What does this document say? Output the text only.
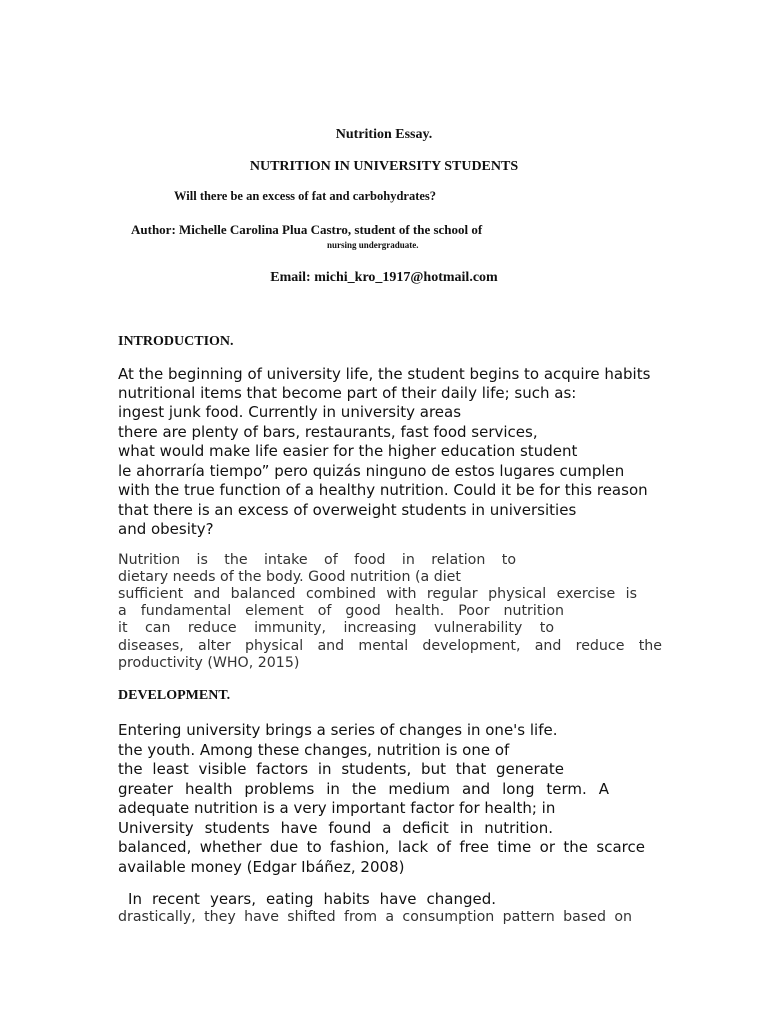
Nutrition Essay.
NUTRITION IN UNIVERSITY STUDENTS
Will there be an excess of fat and carbohydrates?
Author: Michelle Carolina Plua Castro, student of the school of
nursing undergraduate.
Email: michi_kro_1917@hotmail.com
INTRODUCTION.
At the beginning of university life, the student begins to acquire habits
nutritional items that become part of their daily life; such as:
ingest junk food. Currently in university areas
there are plenty of bars, restaurants, fast food services,
what would make life easier for the higher education student
le ahorraría tiempo” pero quizás ninguno de estos lugares cumplen
with the true function of a healthy nutrition. Could it be for this reason
that there is an excess of overweight students in universities
and obesity?
Nutrition is the intake of food in relation to
dietary needs of the body. Good nutrition (a diet
sufficient and balanced combined with regular physical exercise is
a fundamental element of good health. Poor nutrition
it can reduce immunity, increasing vulnerability to
diseases, alter physical and mental development, and reduce the
productivity (WHO, 2015)
DEVELOPMENT.
Entering university brings a series of changes in one's life.
the youth. Among these changes, nutrition is one of
the least visible factors in students, but that generate
greater health problems in the medium and long term. A
adequate nutrition is a very important factor for health; in
University students have found a deficit in nutrition.
balanced, whether due to fashion, lack of free time or the scarce
available money (Edgar Ibáñez, 2008)
In recent years, eating habits have changed.
drastically, they have shifted from a consumption pattern based on
